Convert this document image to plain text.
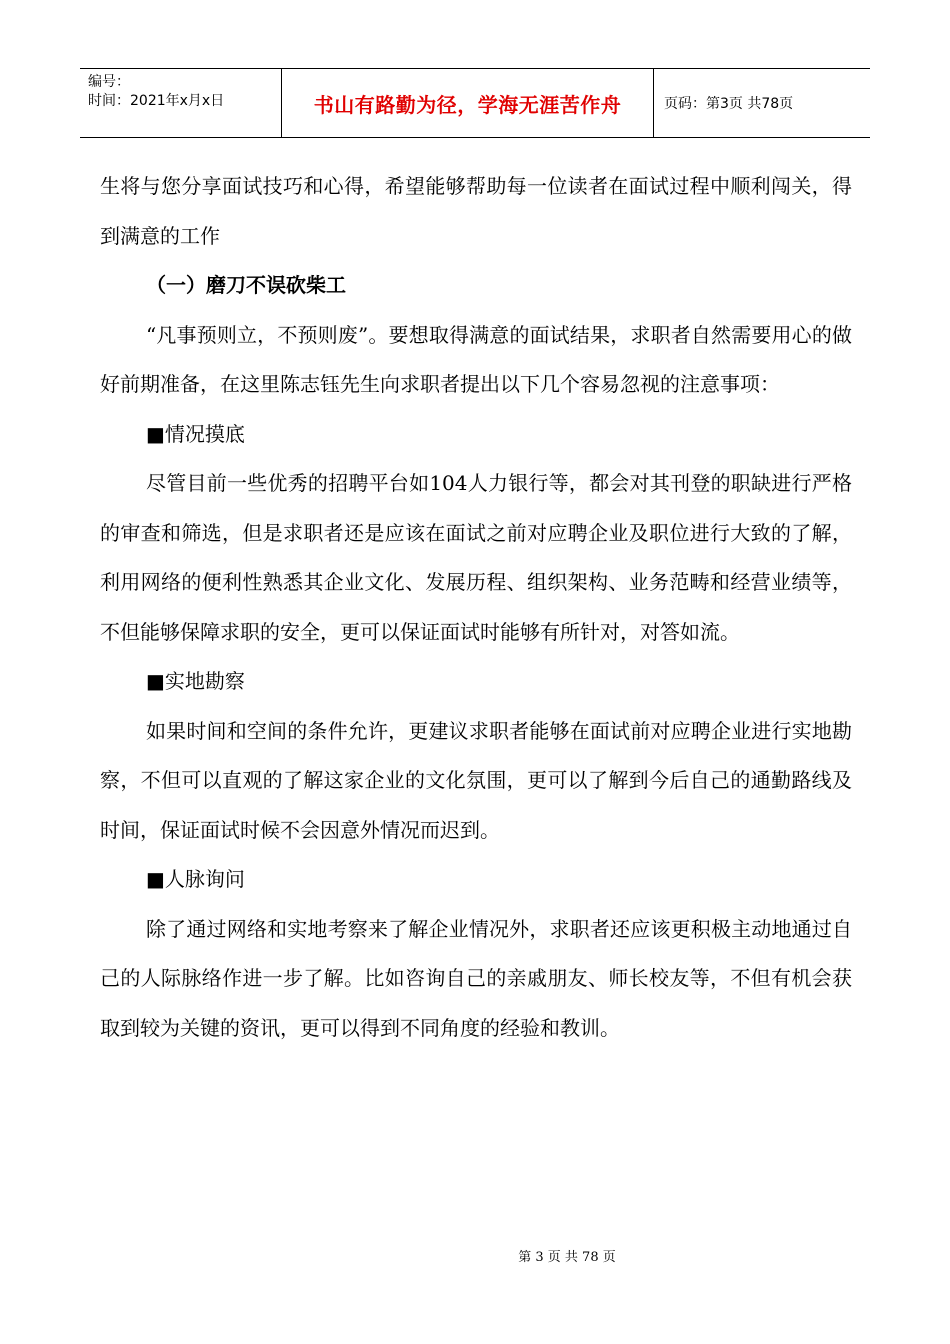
编号：
时间：2021年x月x日	书山有路勤为径，学海无涯苦作舟	页码：第3页 共78页

生将与您分享面试技巧和心得，希望能够帮助每一位读者在面试过程中顺利闯关，得到满意的工作

（一）磨刀不误砍柴工

“凡事预则立，不预则废”。要想取得满意的面试结果，求职者自然需要用心的做好前期准备，在这里陈志钰先生向求职者提出以下几个容易忽视的注意事项：

■情况摸底

尽管目前一些优秀的招聘平台如104人力银行等，都会对其刊登的职缺进行严格的审查和筛选，但是求职者还是应该在面试之前对应聘企业及职位进行大致的了解，利用网络的便利性熟悉其企业文化、发展历程、组织架构、业务范畴和经营业绩等，不但能够保障求职的安全，更可以保证面试时能够有所针对，对答如流。

■实地勘察

如果时间和空间的条件允许，更建议求职者能够在面试前对应聘企业进行实地勘察，不但可以直观的了解这家企业的文化氛围，更可以了解到今后自己的通勤路线及时间，保证面试时候不会因意外情况而迟到。

■人脉询问

除了通过网络和实地考察来了解企业情况外，求职者还应该更积极主动地通过自己的人际脉络作进一步了解。比如咨询自己的亲戚朋友、师长校友等，不但有机会获取到较为关键的资讯，更可以得到不同角度的经验和教训。

第 3 页 共 78 页
